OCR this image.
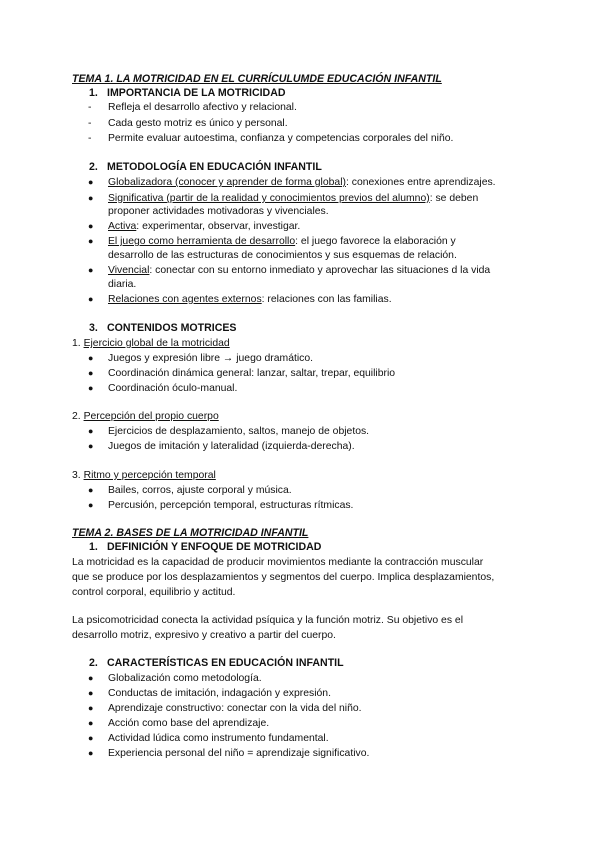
TEMA 1. LA MOTRICIDAD EN EL CURRÍCULUMDE EDUCACIÓN INFANTIL
1. IMPORTANCIA DE LA MOTRICIDAD
- Refleja el desarrollo afectivo y relacional.
- Cada gesto motriz es único y personal.
- Permite evaluar autoestima, confianza y competencias corporales del niño.
2. METODOLOGÍA EN EDUCACIÓN INFANTIL
● Globalizadora (conocer y aprender de forma global): conexiones entre aprendizajes.
● Significativa (partir de la realidad y conocimientos previos del alumno): se deben
proponer actividades motivadoras y vivenciales.
● Activa: experimentar, observar, investigar.
● El juego como herramienta de desarrollo: el juego favorece la elaboración y
desarrollo de las estructuras de conocimientos y sus esquemas de relación.
● Vivencial: conectar con su entorno inmediato y aprovechar las situaciones d la vida
diaria.
● Relaciones con agentes externos: relaciones con las familias.
3. CONTENIDOS MOTRICES
1. Ejercicio global de la motricidad
● Juegos y expresión libre → juego dramático.
● Coordinación dinámica general: lanzar, saltar, trepar, equilibrio
● Coordinación óculo-manual.
2. Percepción del propio cuerpo
● Ejercicios de desplazamiento, saltos, manejo de objetos.
● Juegos de imitación y lateralidad (izquierda-derecha).
3. Ritmo y percepción temporal
● Bailes, corros, ajuste corporal y música.
● Percusión, percepción temporal, estructuras rítmicas.
TEMA 2. BASES DE LA MOTRICIDAD INFANTIL
1. DEFINICIÓN Y ENFOQUE DE MOTRICIDAD
La motricidad es la capacidad de producir movimientos mediante la contracción muscular
que se produce por los desplazamientos y segmentos del cuerpo. Implica desplazamientos,
control corporal, equilibrio y actitud.
La psicomotricidad conecta la actividad psíquica y la función motriz. Su objetivo es el
desarrollo motriz, expresivo y creativo a partir del cuerpo.
2. CARACTERÍSTICAS EN EDUCACIÓN INFANTIL
● Globalización como metodología.
● Conductas de imitación, indagación y expresión.
● Aprendizaje constructivo: conectar con la vida del niño.
● Acción como base del aprendizaje.
● Actividad lúdica como instrumento fundamental.
● Experiencia personal del niño = aprendizaje significativo.
